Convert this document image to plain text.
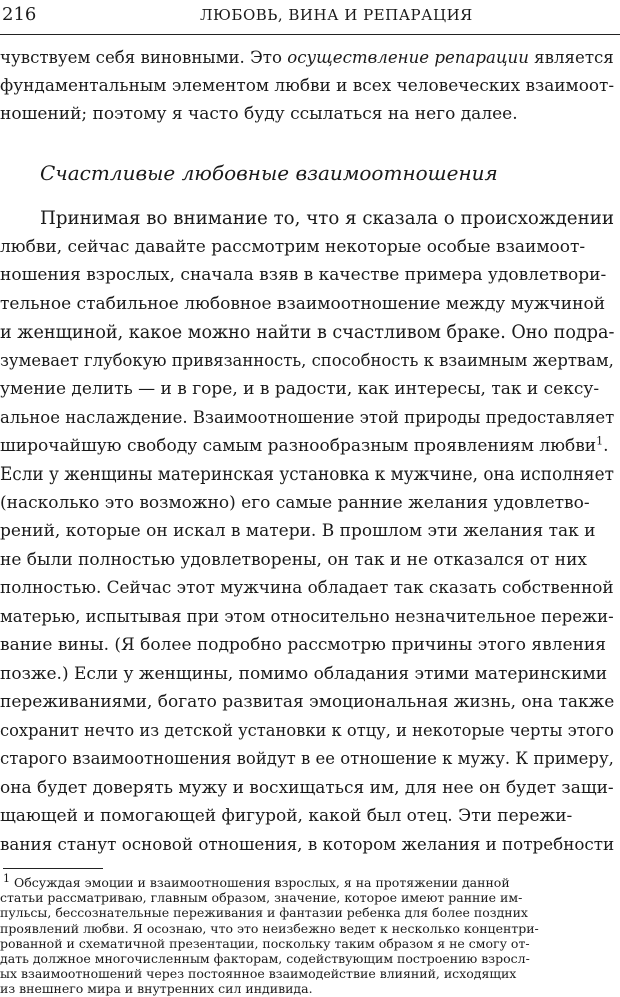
216	ЛЮБОВЬ, ВИНА И РЕПАРАЦИЯ
чувствуем себя виновными. Это осуществление репарации является
фундаментальным элементом любви и всех человеческих взаимоот-
ношений; поэтому я часто буду ссылаться на него далее.
Счастливые любовные взаимоотношения
Принимая во внимание то, что я сказала о происхождении
любви, сейчас давайте рассмотрим некоторые особые взаимоот-
ношения взрослых, сначала взяв в качестве примера удовлетвори-
тельное стабильное любовное взаимоотношение между мужчиной
и женщиной, какое можно найти в счастливом браке. Оно подра-
зумевает глубокую привязанность, способность к взаимным жертвам,
умение делить — и в горе, и в радости, как интересы, так и сексу-
альное наслаждение. Взаимоотношение этой природы предоставляет
широчайшую свободу самым разнообразным проявлениям любви$^1$.
Если у женщины материнская установка к мужчине, она исполняет
(насколько это возможно) его самые ранние желания удовлетво-
рений, которые он искал в матери. В прошлом эти желания так и
не были полностью удовлетворены, он так и не отказался от них
полностью. Сейчас этот мужчина обладает так сказать собственной
матерью, испытывая при этом относительно незначительное пережи-
вание вины. (Я более подробно рассмотрю причины этого явления
позже.) Если у женщины, помимо обладания этими материнскими
переживаниями, богато развитая эмоциональная жизнь, она также
сохранит нечто из детской установки к отцу, и некоторые черты этого
старого взаимоотношения войдут в ее отношение к мужу. К примеру,
она будет доверять мужу и восхищаться им, для нее он будет защи-
щающей и помогающей фигурой, какой был отец. Эти пережи-
вания станут основой отношения, в котором желания и потребности
$^1$ Обсуждая эмоции и взаимоотношения взрослых, я на протяжении данной
статьи рассматриваю, главным образом, значение, которое имеют ранние им-
пульсы, бессознательные переживания и фантазии ребенка для более поздних
проявлений любви. Я осознаю, что это неизбежно ведет к несколько концентри-
рованной и схематичной презентации, поскольку таким образом я не смогу от-
дать должное многочисленным факторам, содействующим построению взросл-
ых взаимоотношений через постоянное взаимодействие влияний, исходящих
из внешнего мира и внутренних сил индивида.
